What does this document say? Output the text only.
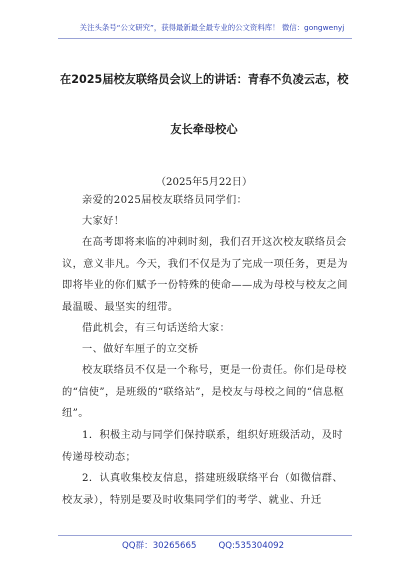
关注头条号“公文研究”，获得最新最全最专业的公文资料库！ 微信：gongwenyj
在2025届校友联络员会议上的讲话：青春不负凌云志，校
友长牵母校心
（2025年5月22日）
亲爱的2025届校友联络员同学们：
大家好！
在高考即将来临的冲刺时刻，我们召开这次校友联络员会议，意义非凡。今天，我们不仅是为了完成一项任务，更是为即将毕业的你们赋予一份特殊的使命——成为母校与校友之间最温暖、最坚实的纽带。
借此机会，有三句话送给大家：
一、做好车厘子的立交桥
校友联络员不仅是一个称号，更是一份责任。你们是母校的“信使”，是班级的“联络站”，是校友与母校之间的“信息枢纽”。
1．积极主动与同学们保持联系，组织好班级活动，及时传递母校动态；
2．认真收集校友信息，搭建班级联络平台（如微信群、校友录），特别是要及时收集同学们的考学、就业、升迁
QQ群：30265665	QQ:535304092
